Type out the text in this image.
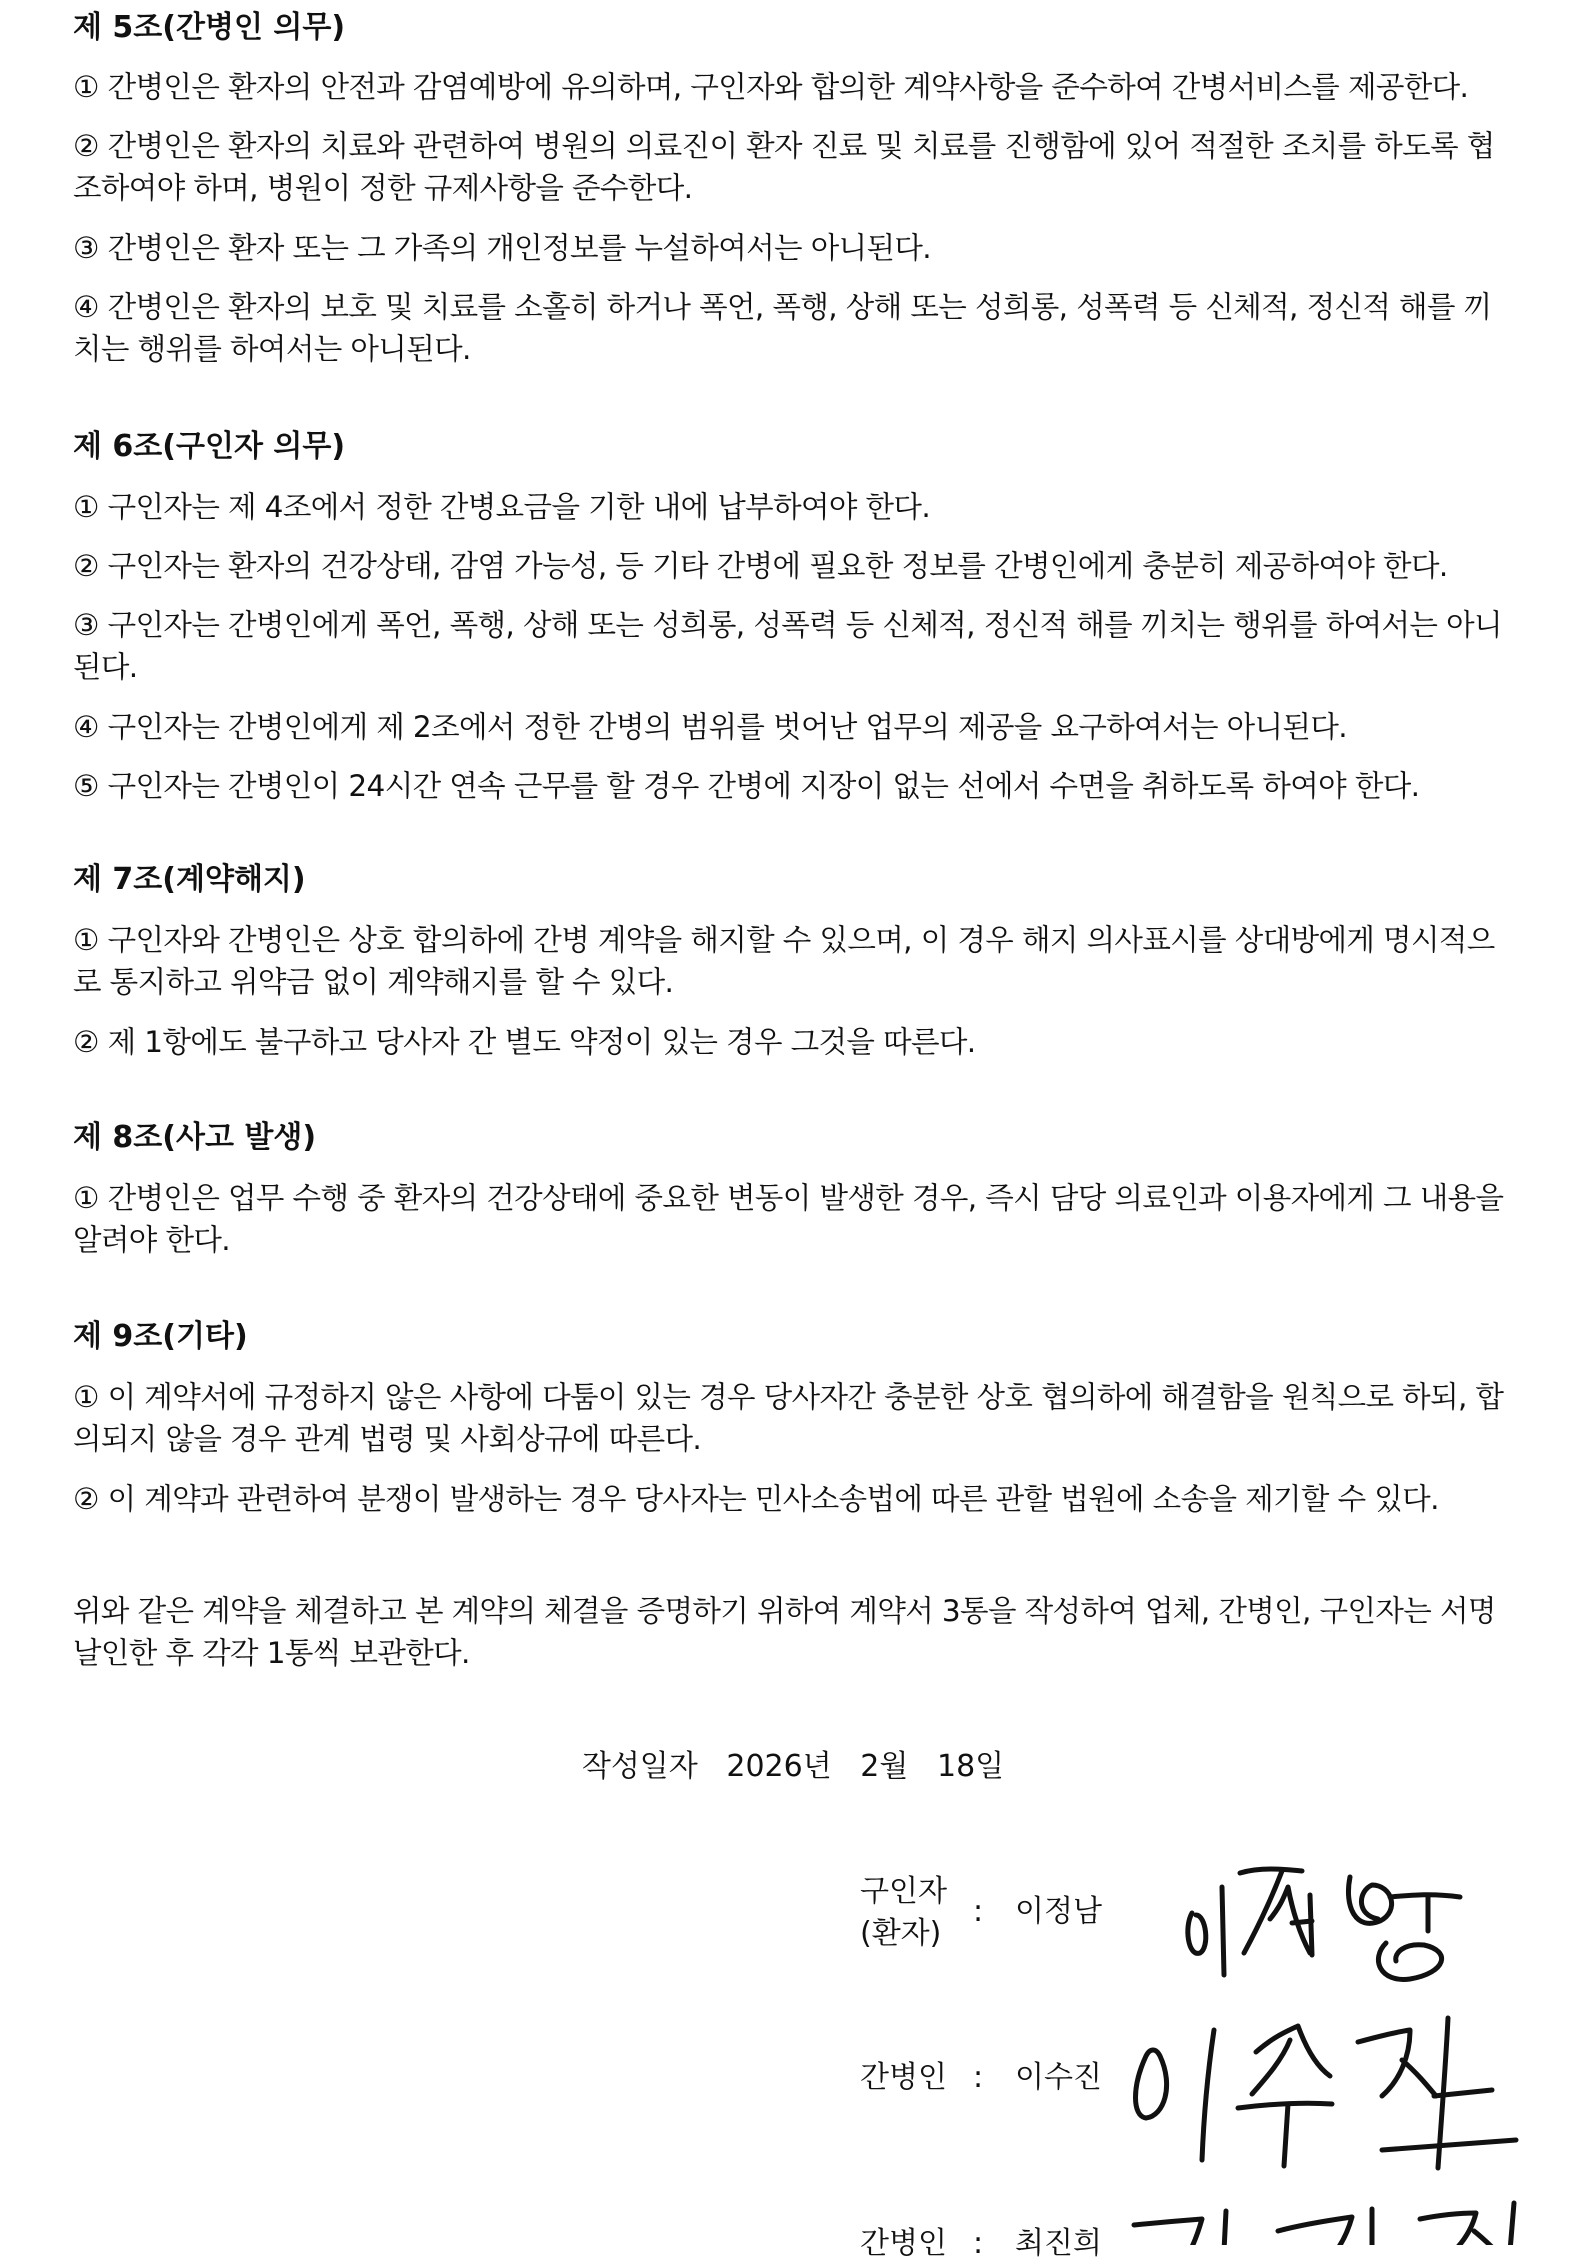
제 5조(간병인 의무)
① 간병인은 환자의 안전과 감염예방에 유의하며, 구인자와 합의한 계약사항을 준수하여 간병서비스를 제공한다.
② 간병인은 환자의 치료와 관련하여 병원의 의료진이 환자 진료 및 치료를 진행함에 있어 적절한 조치를 하도록 협조하여야 하며, 병원이 정한 규제사항을 준수한다.
③ 간병인은 환자 또는 그 가족의 개인정보를 누설하여서는 아니된다.
④ 간병인은 환자의 보호 및 치료를 소홀히 하거나 폭언, 폭행, 상해 또는 성희롱, 성폭력 등 신체적, 정신적 해를 끼치는 행위를 하여서는 아니된다.
제 6조(구인자 의무)
① 구인자는 제 4조에서 정한 간병요금을 기한 내에 납부하여야 한다.
② 구인자는 환자의 건강상태, 감염 가능성, 등 기타 간병에 필요한 정보를 간병인에게 충분히 제공하여야 한다.
③ 구인자는 간병인에게 폭언, 폭행, 상해 또는 성희롱, 성폭력 등 신체적, 정신적 해를 끼치는 행위를 하여서는 아니된다.
④ 구인자는 간병인에게 제 2조에서 정한 간병의 범위를 벗어난 업무의 제공을 요구하여서는 아니된다.
⑤ 구인자는 간병인이 24시간 연속 근무를 할 경우 간병에 지장이 없는 선에서 수면을 취하도록 하여야 한다.
제 7조(계약해지)
① 구인자와 간병인은 상호 합의하에 간병 계약을 해지할 수 있으며, 이 경우 해지 의사표시를 상대방에게 명시적으로 통지하고 위약금 없이 계약해지를 할 수 있다.
② 제 1항에도 불구하고 당사자 간 별도 약정이 있는 경우 그것을 따른다.
제 8조(사고 발생)
① 간병인은 업무 수행 중 환자의 건강상태에 중요한 변동이 발생한 경우, 즉시 담당 의료인과 이용자에게 그 내용을 알려야 한다.
제 9조(기타)
① 이 계약서에 규정하지 않은 사항에 다툼이 있는 경우 당사자간 충분한 상호 협의하에 해결함을 원칙으로 하되, 합의되지 않을 경우 관계 법령 및 사회상규에 따른다.
② 이 계약과 관련하여 분쟁이 발생하는 경우 당사자는 민사소송법에 따른 관할 법원에 소송을 제기할 수 있다.
위와 같은 계약을 체결하고 본 계약의 체결을 증명하기 위하여 계약서 3통을 작성하여 업체, 간병인, 구인자는 서명날인한 후 각각 1통씩 보관한다.
작성일자   2026년   2월   18일
구인자
(환자)
: 이정남
간병인 : 이수진
간병인 : 최진희
